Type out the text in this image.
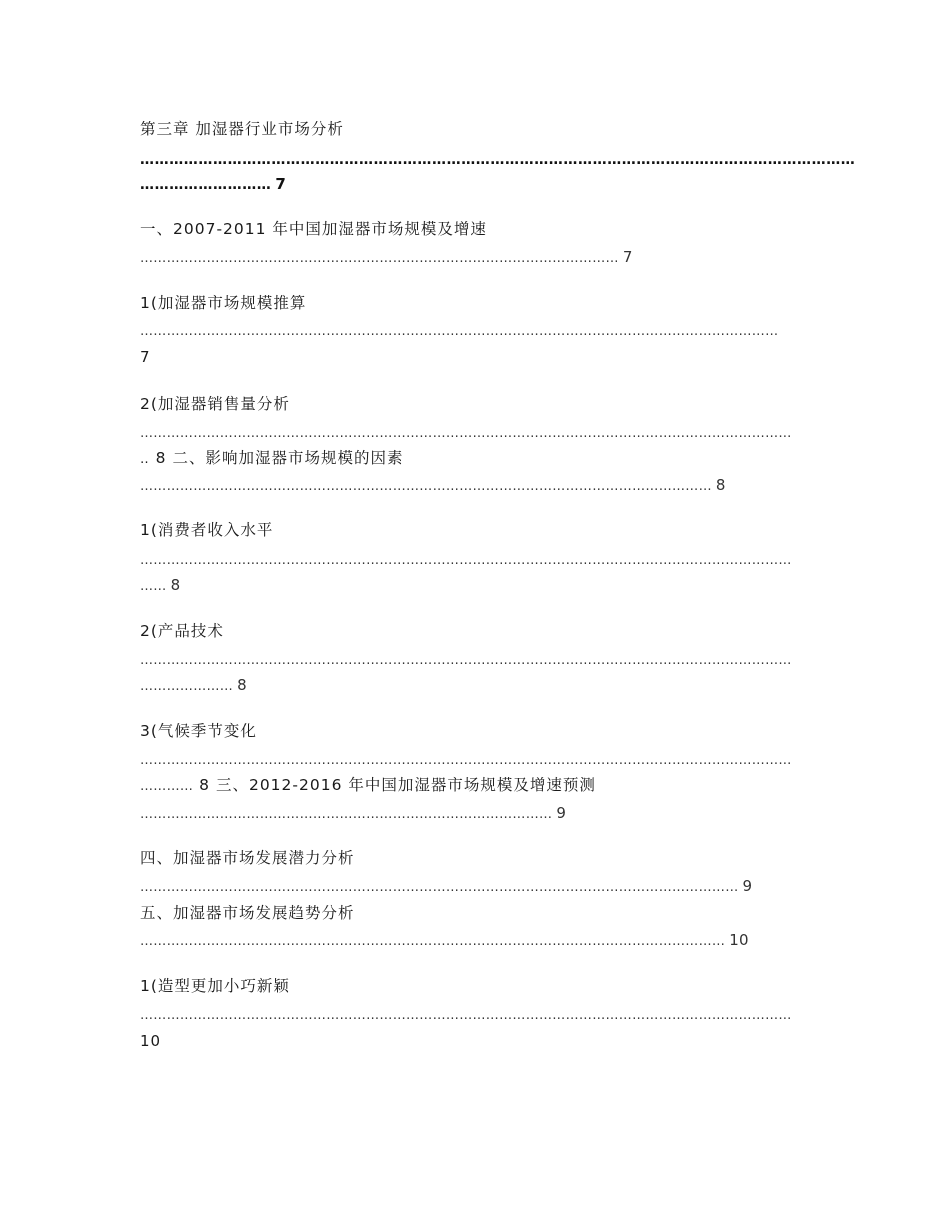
第三章 加湿器行业市场分析
…………………………………………………………………………………………………………………………………
……………………… 7
一、2007-2011 年中国加湿器市场规模及增速
……………………………………………………………………………………………… 7
1(加湿器市场规模推算
………………………………………………………………………………………………………………………………
7
2(加湿器销售量分析
…………………………………………………………………………………………………………………………………
‥ 8 二、影响加湿器市场规模的因素
………………………………………………………………………………………………………………… 8
1(消费者收入水平
…………………………………………………………………………………………………………………………………
…… 8
2(产品技术
…………………………………………………………………………………………………………………………………
………………… 8
3(气候季节变化
…………………………………………………………………………………………………………………………………
………… 8 三、2012-2016 年中国加湿器市场规模及增速预测
………………………………………………………………………………… 9
四、加湿器市场发展潜力分析
……………………………………………………………………………………………………………………… 9
五、加湿器市场发展趋势分析
…………………………………………………………………………………………………………………… 10
1(造型更加小巧新颖
…………………………………………………………………………………………………………………………………
10
